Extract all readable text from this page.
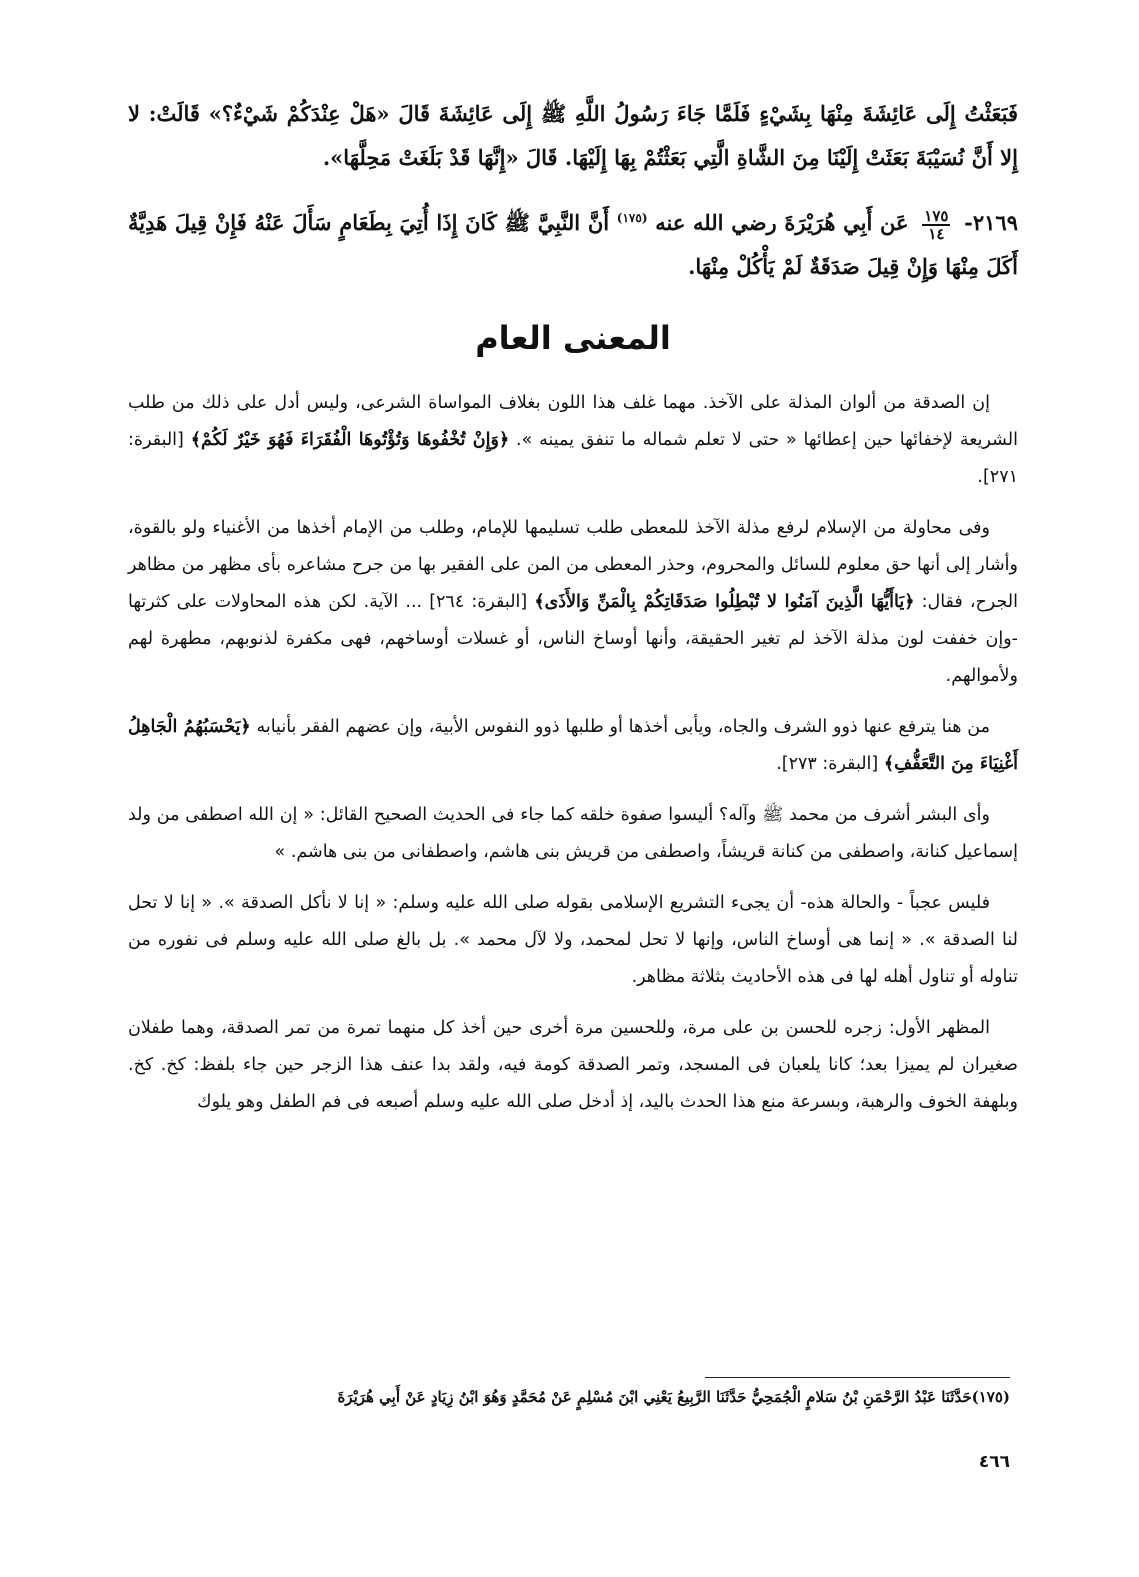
فَبَعَثْتُ إِلَى عَائِشَةَ مِنْهَا بِشَيْءٍ فَلَمَّا جَاءَ رَسُولُ اللَّهِ ﷺ إِلَى عَائِشَةَ قَالَ «هَلْ عِنْدَكُمْ شَيْءٌ؟» قَالَتْ: لا إِلا أَنَّ نُسَيْبَةَ بَعَثَتْ إِلَيْنَا مِنَ الشَّاةِ الَّتِي بَعَثْتُمْ بِهَا إِلَيْهَا. قَالَ «إِنَّهَا قَدْ بَلَغَتْ مَحِلَّهَا».

٢١٦٩-
$\frac{١٧٥}{١٤}$
عَن أَبِي هُرَيْرَةَ رضي الله عنه $^{(١٧٥)}$ أَنَّ النَّبِيَّ ﷺ كَانَ إِذَا أُتِيَ بِطَعَامٍ سَأَلَ عَنْهُ فَإِنْ قِيلَ هَدِيَّةٌ أَكَلَ مِنْهَا وَإِنْ قِيلَ صَدَقَةٌ لَمْ يَأْكُلْ مِنْهَا.

المعنى العام

إن الصدقة من ألوان المذلة على الآخذ. مهما غلف هذا اللون بغلاف المواساة الشرعى، وليس أدل على ذلك من طلب الشريعة لإخفائها حين إعطائها « حتى لا تعلم شماله ما تنفق يمينه ». ﴿وَإِنْ تُخْفُوهَا وَتُؤْتُوهَا الْفُقَرَاءَ فَهُوَ خَيْرٌ لَكُمْ﴾ [البقرة: ٢٧١].

وفى محاولة من الإسلام لرفع مذلة الآخذ للمعطى طلب تسليمها للإمام، وطلب من الإمام أخذها من الأغنياء ولو بالقوة، وأشار إلى أنها حق معلوم للسائل والمحروم، وحذر المعطى من المن على الفقير بها من جرح مشاعره بأى مظهر من مظاهر الجرح، فقال: ﴿يَاأَيُّهَا الَّذِينَ آمَنُوا لا تُبْطِلُوا صَدَقَاتِكُمْ بِالْمَنِّ وَالأَذَى﴾ [البقرة: ٢٦٤] ... الآية. لكن هذه المحاولات على كثرتها -وإن خففت لون مذلة الآخذ لم تغير الحقيقة، وأنها أوساخ الناس، أو غسلات أوساخهم، فهى مكفرة لذنوبهم، مطهرة لهم ولأموالهم.

من هنا يترفع عنها ذوو الشرف والجاه، ويأبى أخذها أو طلبها ذوو النفوس الأبية، وإن عضهم الفقر بأنيابه ﴿يَحْسَبُهُمُ الْجَاهِلُ أَغْنِيَاءَ مِنَ التَّعَفُّفِ﴾ [البقرة: ٢٧٣].

وأى البشر أشرف من محمد ﷺ وآله؟ أليسوا صفوة خلقه كما جاء فى الحديث الصحيح القائل: « إن الله اصطفى من ولد إسماعيل كنانة، واصطفى من كنانة قريشاً، واصطفى من قريش بنى هاشم، واصطفانى من بنى هاشم. »

فليس عجباً - والحالة هذه- أن يجىء التشريع الإسلامى بقوله صلى الله عليه وسلم: « إنا لا نأكل الصدقة ». « إنا لا تحل لنا الصدقة ». « إنما هى أوساخ الناس، وإنها لا تحل لمحمد، ولا لآل محمد ». بل بالغ صلى الله عليه وسلم فى نفوره من تناوله أو تناول أهله لها فى هذه الأحاديث بثلاثة مظاهر.

المظهر الأول: زجره للحسن بن على مرة، وللحسين مرة أخرى حين أخذ كل منهما تمرة من تمر الصدقة، وهما طفلان صغيران لم يميزا بعد؛ كانا يلعبان فى المسجد، وتمر الصدقة كومة فيه، ولقد بدا عنف هذا الزجر حين جاء بلفظ: كخ. كخ. وبلهفة الخوف والرهبة، وبسرعة منع هذا الحدث باليد، إذ أدخل صلى الله عليه وسلم أصبعه فى فم الطفل وهو يلوك

(١٧٥)حَدَّثَنَا عَبْدُ الرَّحْمَنِ بْنُ سَلامٍ الْجُمَحِيُّ حَدَّثَنَا الرَّبِيعُ يَعْنِي ابْنَ مُسْلِمٍ عَنْ مُحَمَّدٍ وَهُوَ ابْنُ زِيَادٍ عَنْ أَبِي هُرَيْرَةَ
٤٦٦
